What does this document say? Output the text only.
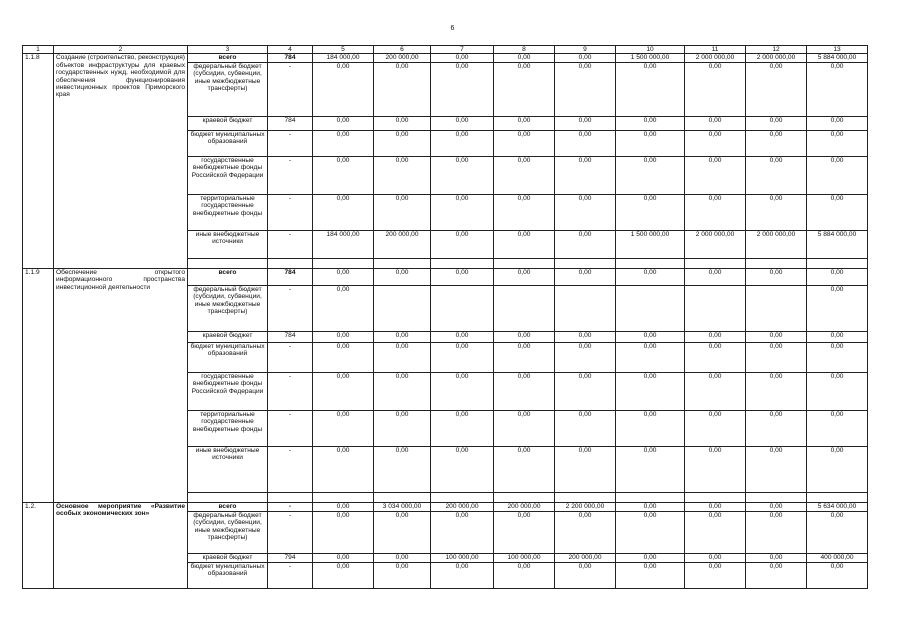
6
1	2	3	4	5	6	7	8	9	10	11	12	13
1.1.8	Создание (строительство, реконструкция) объектов инфраструктуры для краевых государственных нужд, необходимой для обеспечения функционирования инвестиционных проектов Приморского края	всего	784	184 000,00	200 000,00	0,00	0,00	0,00	1 500 000,00	2 000 000,00	2 000 000,00	5 884 000,00
		федеральный бюджет (субсидии, субвенции, иные межбюджетные трансферты)	-	0,00	0,00	0,00	0,00	0,00	0,00	0,00	0,00	0,00
		краевой бюджет	784	0,00	0,00	0,00	0,00	0,00	0,00	0,00	0,00	0,00
		бюджет муниципальных образований	-	0,00	0,00	0,00	0,00	0,00	0,00	0,00	0,00	0,00
		государственные внебюджетные фонды Российской Федерации	-	0,00	0,00	0,00	0,00	0,00	0,00	0,00	0,00	0,00
		территориальные государственные внебюджетные фонды	-	0,00	0,00	0,00	0,00	0,00	0,00	0,00	0,00	0,00
		иные внебюджетные источники	-	184 000,00	200 000,00	0,00	0,00	0,00	1 500 000,00	2 000 000,00	2 000 000,00	5 884 000,00

1.1.9	Обеспечение открытого информационного пространства инвестиционной деятельности	всего	784	0,00	0,00	0,00	0,00	0,00	0,00	0,00	0,00	0,00
		федеральный бюджет (субсидии, субвенции, иные межбюджетные трансферты)	-	0,00								0,00
		краевой бюджет	784	0,00	0,00	0,00	0,00	0,00	0,00	0,00	0,00	0,00
		бюджет муниципальных образований	-	0,00	0,00	0,00	0,00	0,00	0,00	0,00	0,00	0,00
		государственные внебюджетные фонды Российской Федерации	-	0,00	0,00	0,00	0,00	0,00	0,00	0,00	0,00	0,00
		территориальные государственные внебюджетные фонды	-	0,00	0,00	0,00	0,00	0,00	0,00	0,00	0,00	0,00
		иные внебюджетные источники	-	0,00	0,00	0,00	0,00	0,00	0,00	0,00	0,00	0,00

1.2.	Основное мероприятие «Развитие особых экономических зон»	всего	-	0,00	3 034 000,00	200 000,00	200 000,00	2 200 000,00	0,00	0,00	0,00	5 634 000,00
		федеральный бюджет (субсидии, субвенции, иные межбюджетные трансферты)	-	0,00	0,00	0,00	0,00	0,00	0,00	0,00	0,00	0,00
		краевой бюджет	794	0,00	0,00	100 000,00	100 000,00	200 000,00	0,00	0,00	0,00	400 000,00
		бюджет муниципальных образований	-	0,00	0,00	0,00	0,00	0,00	0,00	0,00	0,00	0,00
